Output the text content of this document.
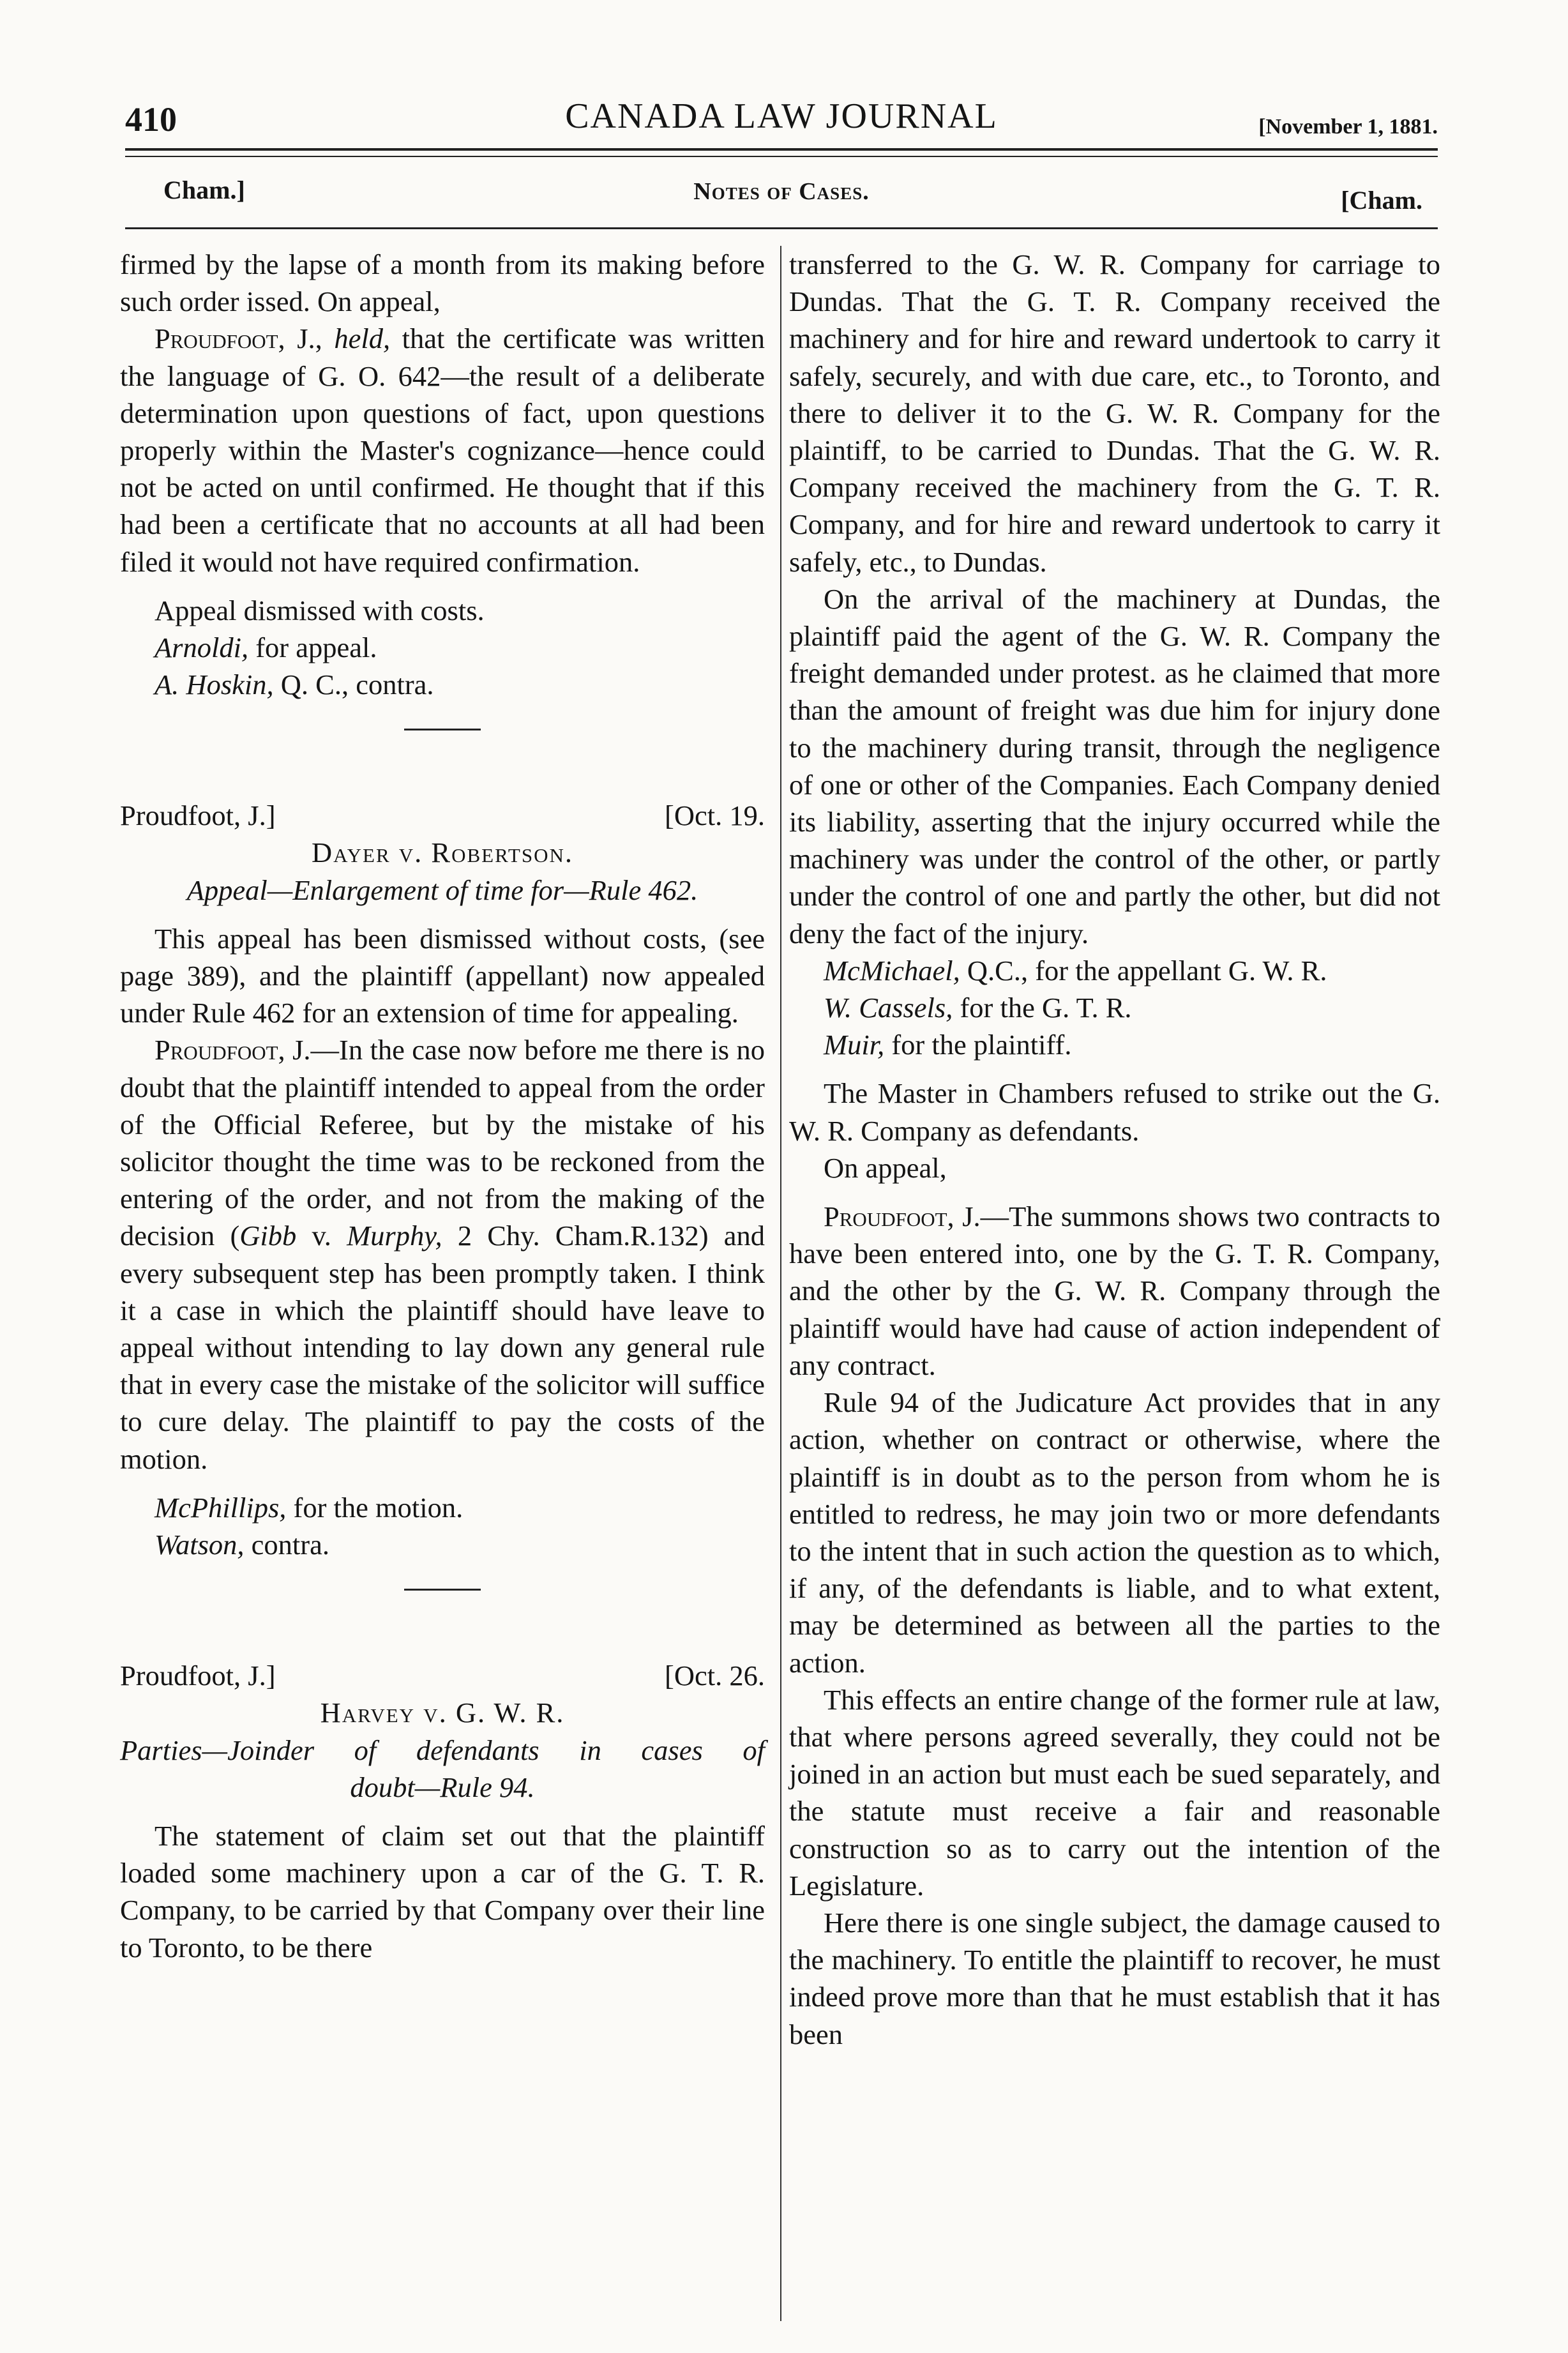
410	CANADA LAW JOURNAL	[November 1, 1881.
Cham.]	Notes of Cases.	[Cham.

firmed by the lapse of a month from its making before such order issed. On appeal,

Proudfoot, J., held, that the certificate was written the language of G. O. 642—the result of a deliberate determination upon questions of fact, upon questions properly within the Master's cognizance—hence could not be acted on until confirmed. He thought that if this had been a certificate that no accounts at all had been filed it would not have required confirmation.

Appeal dismissed with costs.

Arnoldi, for appeal.

A. Hoskin, Q. C., contra.

Proudfoot, J.]	[Oct. 19.

Dayer v. Robertson.

Appeal—Enlargement of time for—Rule 462.

This appeal has been dismissed without costs, (see page 389), and the plaintiff (appellant) now appealed under Rule 462 for an extension of time for appealing.

Proudfoot, J.—In the case now before me there is no doubt that the plaintiff intended to appeal from the order of the Official Referee, but by the mistake of his solicitor thought the time was to be reckoned from the entering of the order, and not from the making of the decision (Gibb v. Murphy, 2 Chy. Cham.R.132) and every subsequent step has been promptly taken. I think it a case in which the plaintiff should have leave to appeal without intending to lay down any general rule that in every case the mistake of the solicitor will suffice to cure delay. The plaintiff to pay the costs of the motion.

McPhillips, for the motion.

Watson, contra.

Proudfoot, J.]	[Oct. 26.

Harvey v. G. W. R.

Parties—Joinder of defendants in cases of

doubt—Rule 94.

The statement of claim set out that the plaintiff loaded some machinery upon a car of the G. T. R. Company, to be carried by that Company over their line to Toronto, to be there

transferred to the G. W. R. Company for carriage to Dundas. That the G. T. R. Company received the machinery and for hire and reward undertook to carry it safely, securely, and with due care, etc., to Toronto, and there to deliver it to the G. W. R. Company for the plaintiff, to be carried to Dundas. That the G. W. R. Company received the machinery from the G. T. R. Company, and for hire and reward undertook to carry it safely, etc., to Dundas.

On the arrival of the machinery at Dundas, the plaintiff paid the agent of the G. W. R. Company the freight demanded under protest. as he claimed that more than the amount of freight was due him for injury done to the machinery during transit, through the negligence of one or other of the Companies. Each Company denied its liability, asserting that the injury occurred while the machinery was under the control of the other, or partly under the control of one and partly the other, but did not deny the fact of the injury.

McMichael, Q.C., for the appellant G. W. R.

W. Cassels, for the G. T. R.

Muir, for the plaintiff.

The Master in Chambers refused to strike out the G. W. R. Company as defendants.

On appeal,

Proudfoot, J.—The summons shows two contracts to have been entered into, one by the G. T. R. Company, and the other by the G. W. R. Company through the plaintiff would have had cause of action independent of any contract.

Rule 94 of the Judicature Act provides that in any action, whether on contract or otherwise, where the plaintiff is in doubt as to the person from whom he is entitled to redress, he may join two or more defendants to the intent that in such action the question as to which, if any, of the defendants is liable, and to what extent, may be determined as between all the parties to the action.

This effects an entire change of the former rule at law, that where persons agreed severally, they could not be joined in an action but must each be sued separately, and the statute must receive a fair and reasonable construction so as to carry out the intention of the Legislature.

Here there is one single subject, the damage caused to the machinery. To entitle the plaintiff to recover, he must indeed prove more than that he must establish that it has been
